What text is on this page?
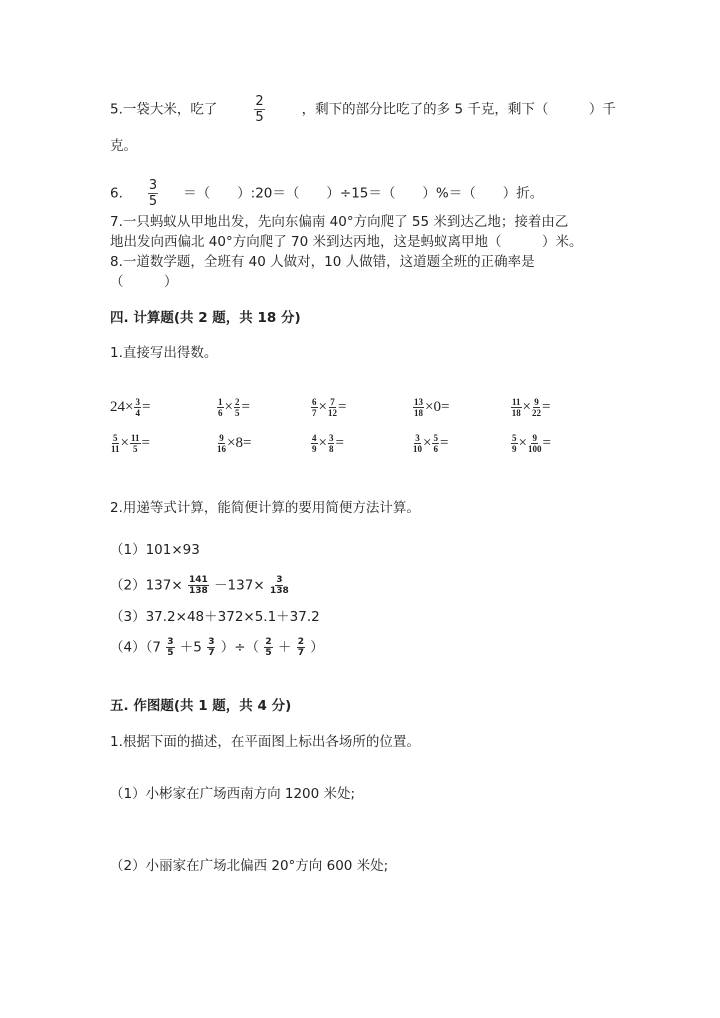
5.一袋大米，吃了	$\frac{2}{5}$	，剩下的部分比吃了的多 5 千克，剩下（　　　）千
克。
6. $\frac{3}{5}$ ＝（　　）:20＝（　　）÷15＝（　　）%＝（　　）折。
7.一只蚂蚁从甲地出发，先向东偏南 40°方向爬了 55 米到达乙地；接着由乙
地出发向西偏北 40°方向爬了 70 米到达丙地，这是蚂蚁离甲地（　　　）米。
8.一道数学题，全班有 40 人做对，10 人做错，这道题全班的正确率是
（　　　）
四. 计算题(共 2 题，共 18 分)
1.直接写出得数。
$24\times \frac{3}{4}$ =	$\frac{1}{6} \times \frac{2}{5}$ =	$\frac{6}{7} \times \frac{7}{12}$ =	$\frac{13}{18} \times 0=$	$\frac{11}{18} \times \frac{9}{22}$ =
$\frac{5}{11} \times \frac{11}{5}$ =	$\frac{9}{16} \times 8=$	$\frac{4}{9} \times \frac{3}{8}$ =	$\frac{3}{10} \times \frac{5}{6}$ =	$\frac{5}{9} \times \frac{9}{100}$ =
2.用递等式计算，能简便计算的要用简便方法计算。
（1）101×93
$(2)137\times \frac{141}{138} -137\times \frac{3}{138}$
（3）37.2×48＋372×5.1＋37.2
$(4)(7 \frac{3}{5} +5 \frac{3}{7}$ ）÷（ $\frac{2}{5} + \frac{2}{7}$ ）
五. 作图题(共 1 题，共 4 分)
1.根据下面的描述，在平面图上标出各场所的位置。
（1）小彬家在广场西南方向 1200 米处;
（2）小丽家在广场北偏西 20°方向 600 米处;
